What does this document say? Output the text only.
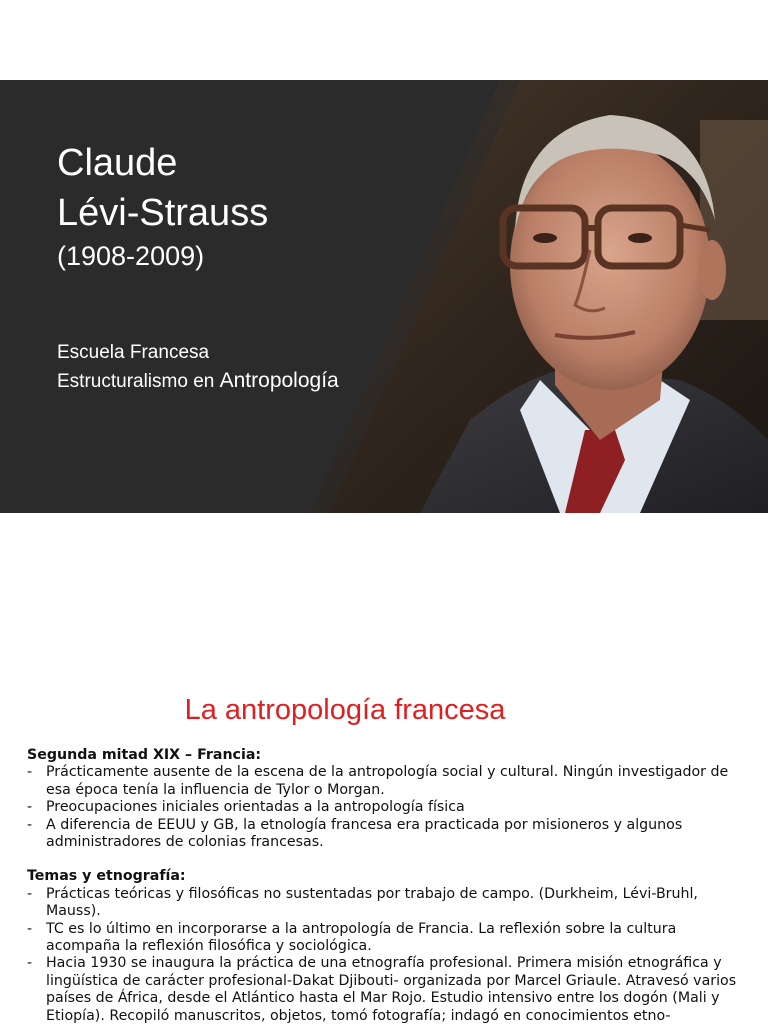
Claude
Lévi-Strauss
(1908-2009)
Escuela Francesa
Estructuralismo en Antropología
La antropología francesa
Segunda mitad XIX – Francia:
- Prácticamente ausente de la escena de la antropología social y cultural. Ningún investigador de esa época tenía la influencia de Tylor o Morgan.
- Preocupaciones iniciales orientadas a la antropología física
- A diferencia de EEUU y GB, la etnología francesa era practicada por misioneros y algunos administradores de colonias francesas.
Temas y etnografía:
- Prácticas teóricas y filosóficas no sustentadas por trabajo de campo. (Durkheim, Lévi-Bruhl, Mauss).
- TC es lo último en incorporarse a la antropología de Francia. La reflexión sobre la cultura acompaña la reflexión filosófica y sociológica.
- Hacia 1930 se inaugura la práctica de una etnografía profesional. Primera misión etnográfica y lingüística de carácter profesional-Dakat Djibouti- organizada por Marcel Griaule. Atravesó varios países de África, desde el Atlántico hasta el Mar Rojo. Estudio intensivo entre los dogón (Mali y Etiopía). Recopiló manuscritos, objetos, tomó fotografía; indagó en conocimientos etno-
